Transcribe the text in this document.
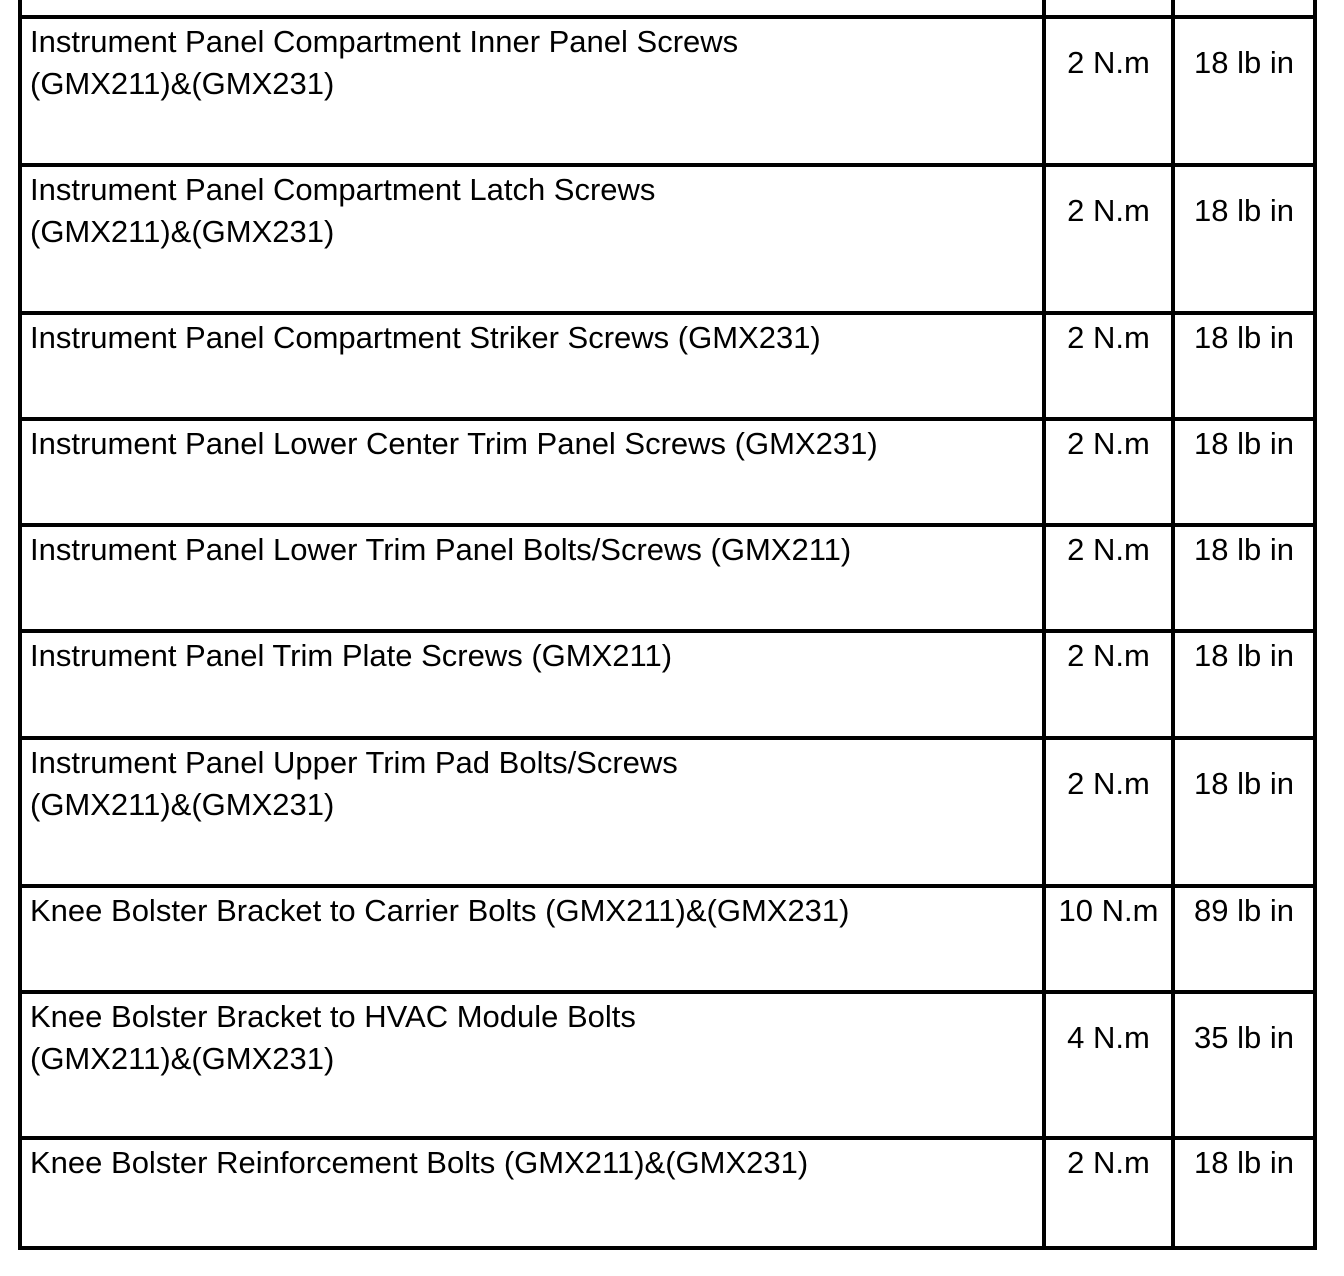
Instrument Panel Compartment Inner Panel Screws
(GMX211)&(GMX231)
2 N.m	18 lb in
Instrument Panel Compartment Latch Screws
(GMX211)&(GMX231)
2 N.m	18 lb in
Instrument Panel Compartment Striker Screws (GMX231)	2 N.m	18 lb in
Instrument Panel Lower Center Trim Panel Screws (GMX231)	2 N.m	18 lb in
Instrument Panel Lower Trim Panel Bolts/Screws (GMX211)	2 N.m	18 lb in
Instrument Panel Trim Plate Screws (GMX211)	2 N.m	18 lb in
Instrument Panel Upper Trim Pad Bolts/Screws
(GMX211)&(GMX231)
2 N.m	18 lb in
Knee Bolster Bracket to Carrier Bolts (GMX211)&(GMX231)	10 N.m	89 lb in
Knee Bolster Bracket to HVAC Module Bolts
(GMX211)&(GMX231)
4 N.m	35 lb in
Knee Bolster Reinforcement Bolts (GMX211)&(GMX231)	2 N.m	18 lb in
